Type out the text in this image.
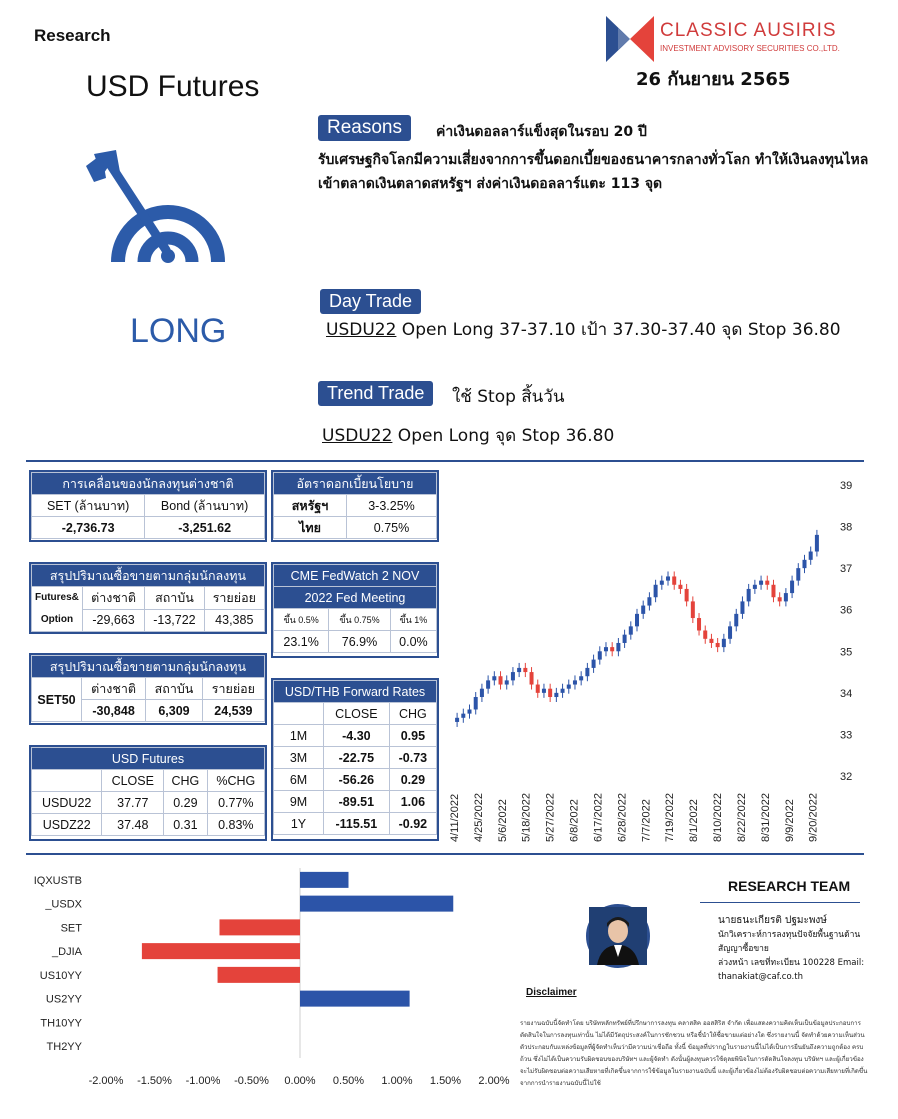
Research
USD Futures
CLASSIC AUSIRIS
INVESTMENT ADVISORY SECURITIES CO.,LTD.
26 กันยายน 2565
LONG
Reasons	ค่าเงินดอลลาร์แข็งสุดในรอบ 20 ปี
รับเศรษฐกิจโลกมีความเสี่ยงจากการขึ้นดอกเบี้ยของธนาคารกลางทั่วโลก ทำให้เงินลงทุนไหลเข้าตลาดเงินตลาดสหรัฐฯ ส่งค่าเงินดอลลาร์แตะ 113 จุด
Day Trade
USDU22 Open Long 37-37.10 เป้า 37.30-37.40 จุด Stop 36.80
Trend Trade	ใช้ Stop สิ้นวัน
USDU22 Open Long จุด Stop 36.80
การเคลื่อนของนักลงทุนต่างชาติ	
SET (ล้านบาท)	Bond (ล้านบาท)
-2,736.73	-3,251.62
อัตราดอกเบี้ยนโยบาย	
สหรัฐฯ	3-3.25%
ไทย	0.75%
สรุปปริมาณซื้อขายตามกลุ่มนักลงทุน			

Futures&
Option	ต่างชาติ	สถาบัน	รายย่อย
	-29,663	-13,722	43,385
CME FedWatch 2 NOV		
2022 Fed Meeting		
ขึ้น 0.5%	ขึ้น 0.75%	ขึ้น 1%
23.1%	76.9%	0.0%
สรุปปริมาณซื้อขายตามกลุ่มนักลงทุน			
SET50	ต่างชาติ	สถาบัน	รายย่อย
	-30,848	6,309	24,539
USD Futures			
	CLOSE	CHG	%CHG
USDU22	37.77	0.29	0.77%
USDZ22	37.48	0.31	0.83%
USD/THB Forward Rates		
	CLOSE	CHG
1M	-4.30	0.95
3M	-22.75	-0.73
6M	-56.26	0.29
9M	-89.51	1.06
1Y	-115.51	-0.92
39
38
37
36
35
34
33
32
4/11/2022 4/25/2022 5/6/2022 5/18/2022 5/27/2022 6/8/2022 6/17/2022 6/28/2022 7/7/2022 7/19/2022 8/1/2022 8/10/2022 8/22/2022 8/31/2022 9/9/2022 9/20/2022
IQXUSTB
_USDX
SET
_DJIA
US10YY
US2YY
TH10YY
TH2YY
-2.00% -1.50% -1.00% -0.50% 0.00% 0.50% 1.00% 1.50% 2.00%
RESEARCH TEAM
นายธนะเกียรติ ปฐมะพงษ์
นักวิเคราะห์การลงทุนปัจจัยพื้นฐานด้านสัญญาซื้อขาย
ล่วงหน้า เลขที่ทะเบียน 100228 Email:
thanakiat@caf.co.th
Disclaimer
รายงานฉบับนี้จัดทำโดย บริษัทหลักทรัพย์ที่ปรึกษาการลงทุน คลาสสิค ออสสิริส จำกัด เพื่อแสดงความคิดเห็นเป็นข้อมูลประกอบการตัดสินใจในการลงทุนเท่านั้น ไม่ได้มีวัตถุประสงค์ในการชักชวน หรือชี้นำให้ซื้อขายแต่อย่างใด ซึ่งรายงานนี้ จัดทำด้วยความเห็นส่วนตัวประกอบกับแหล่งข้อมูลที่ผู้จัดทำเห็นว่ามีความน่าเชื่อถือ ทั้งนี้ ข้อมูลที่ปรากฏในรายงานนี้ไม่ได้เป็นการยืนยันถึงความถูกต้อง ครบถ้วน ซึ่งไม่ได้เป็นความรับผิดชอบของบริษัทฯ และผู้จัดทำ ดังนั้นผู้ลงทุนควรใช้ดุลยพินิจในการตัดสินใจลงทุน บริษัทฯ และผู้เกี่ยวข้องจะไม่รับผิดชอบต่อความเสียหายที่เกิดขึ้นจากการใช้ข้อมูลในรายงานฉบับนี้ และผู้เกี่ยวข้องไม่ต้องรับผิดชอบต่อความเสียหายที่เกิดขึ้นจากการนำรายงานฉบับนี้ไปใช้
